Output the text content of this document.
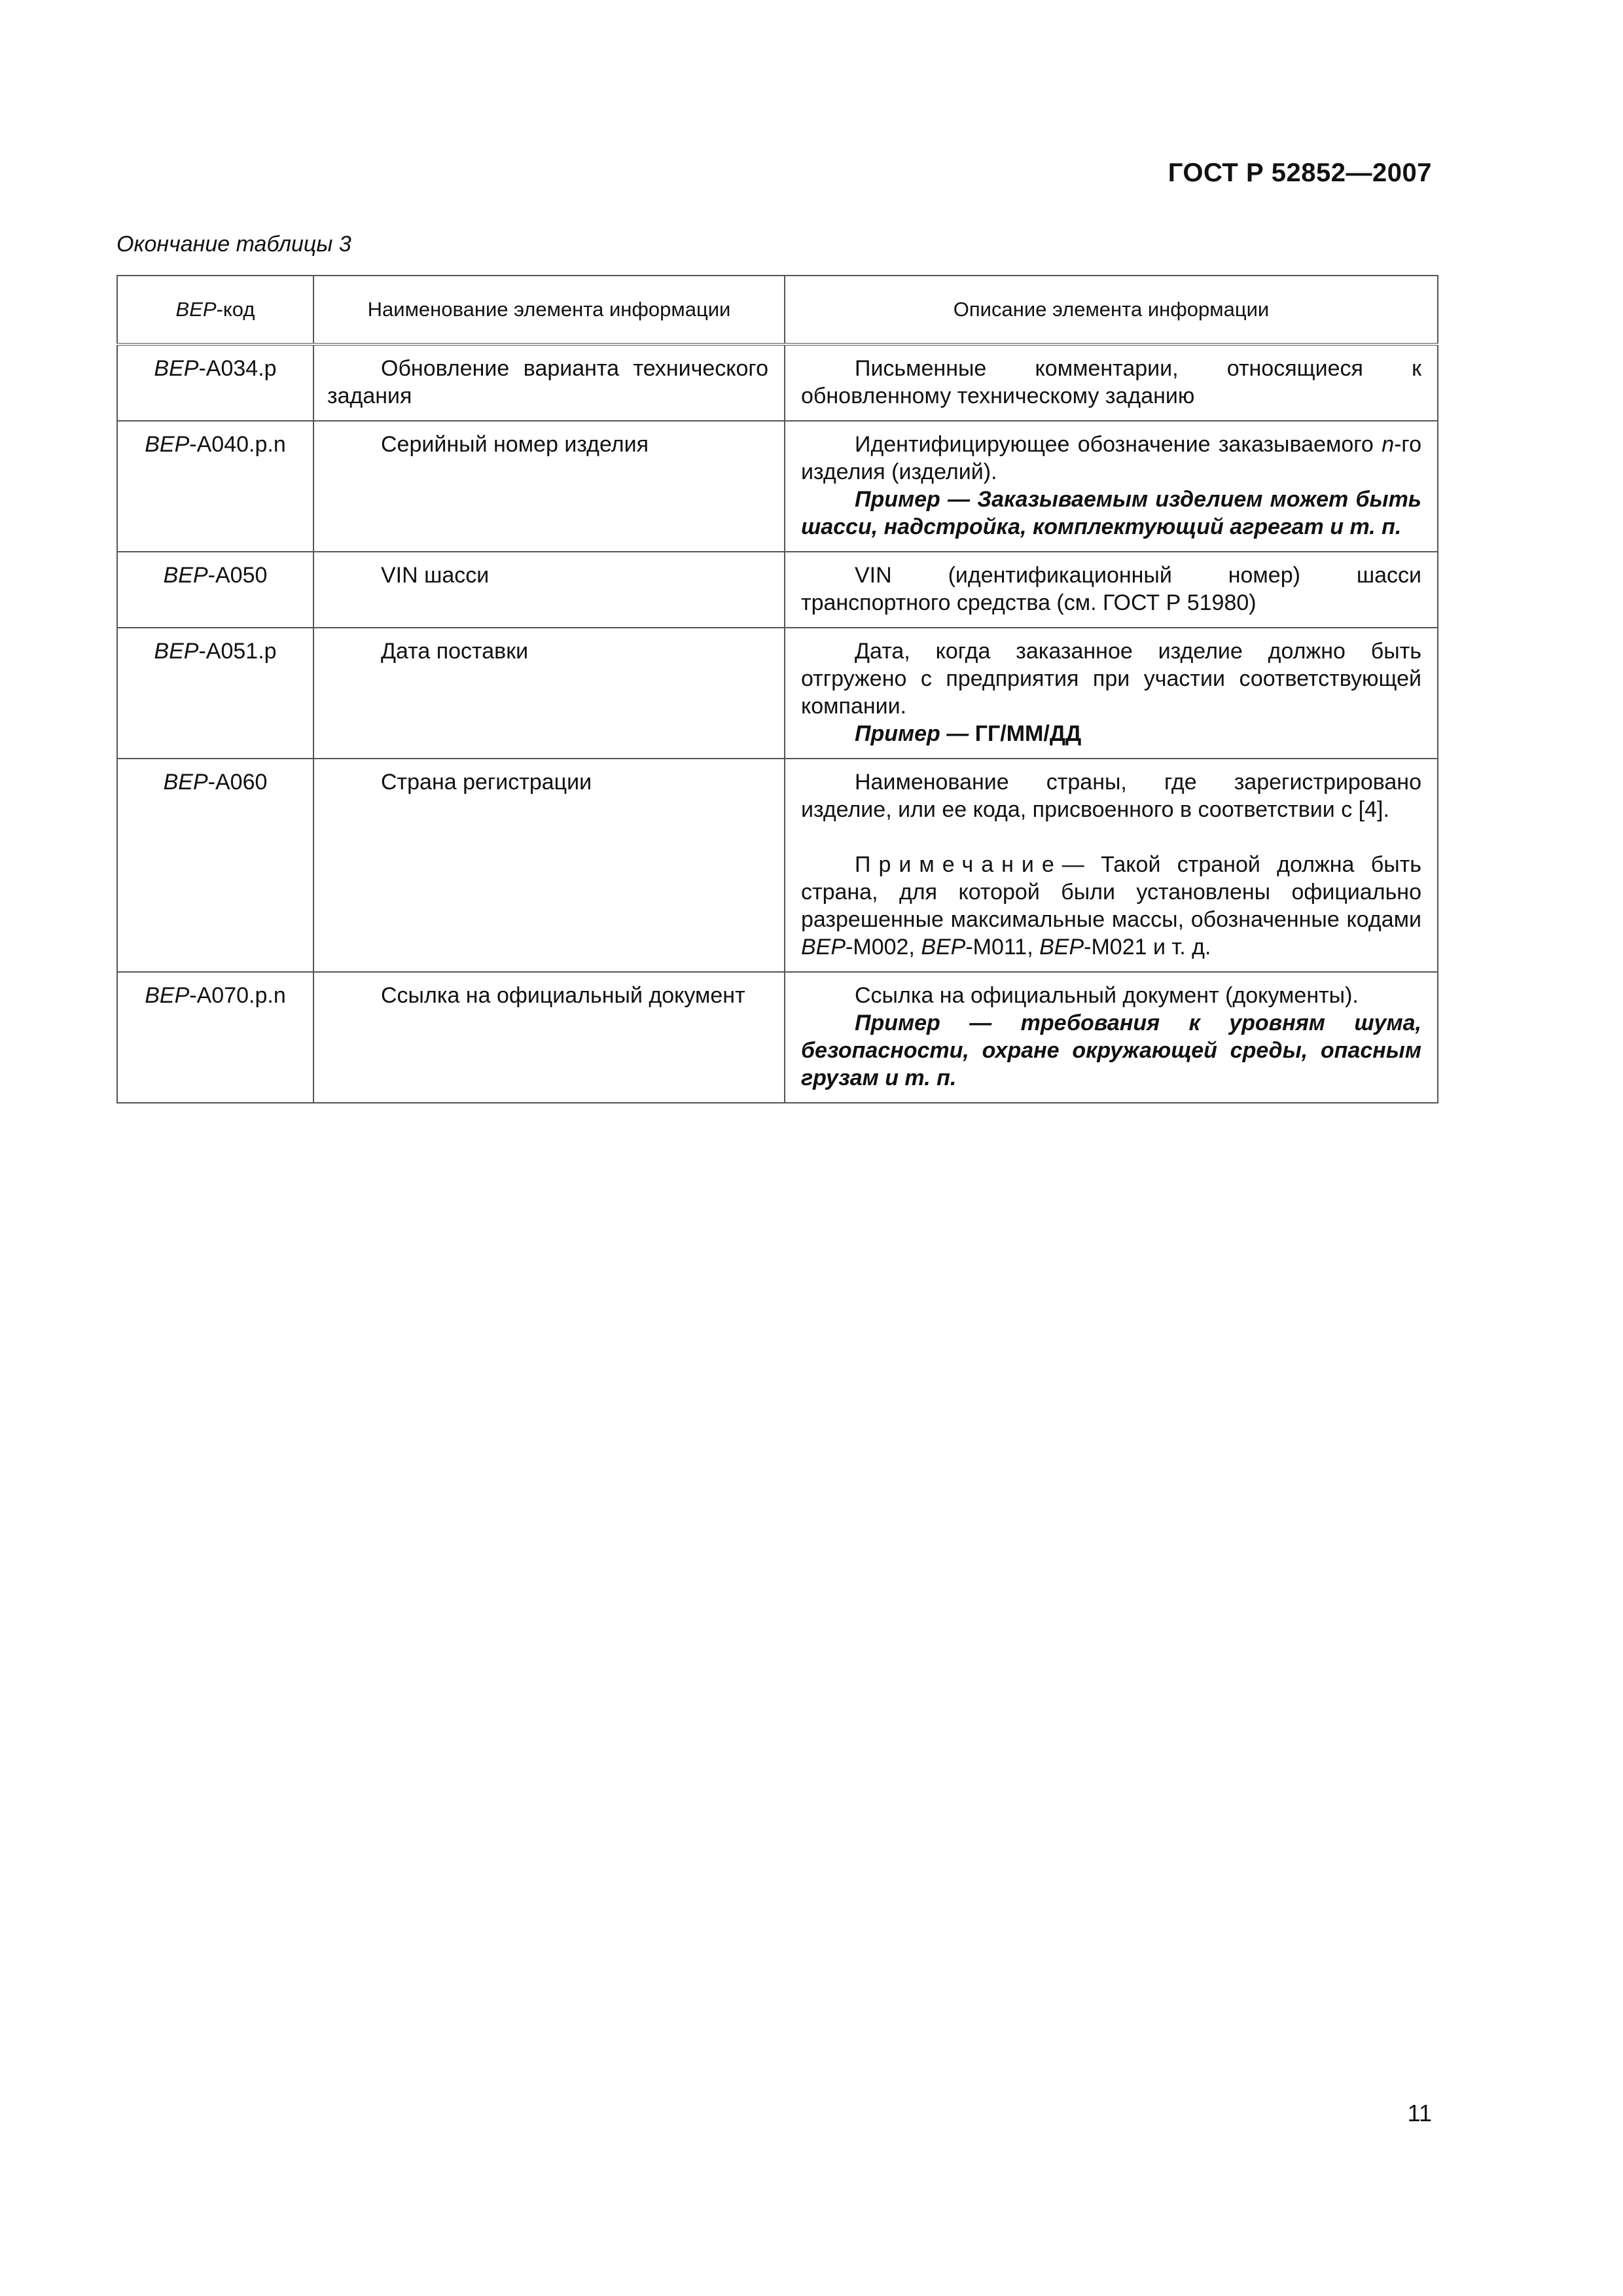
ГОСТ Р 52852—2007
Окончание таблицы 3
ВЕР-код	Наименование элемента информации	Описание элемента информации
ВЕР-А034.р	Обновление варианта технического задания	Письменные комментарии, относящиеся к обновленному техническому заданию

ВЕР-А040.р.n	Серийный номер изделия	Идентифицирующее обозначение заказываемого n-го изделия (изделий).
Пример — Заказываемым изделием может быть шасси, надстройка, комплектующий агрегат и т. п.

ВЕР-А050	VIN шасси	VIN (идентификационный номер) шасси транспортного средства (см. ГОСТ Р 51980)

ВЕР-А051.р	Дата поставки	Дата, когда заказанное изделие должно быть отгружено с предприятия при участии соответствующей компании.
Пример — ГГ/ММ/ДД

ВЕР-А060	Страна регистрации	Наименование страны, где зарегистрировано изделие, или ее кода, присвоенного в соответствии с [4].
Примечание— Такой страной должна быть страна, для которой были установлены официально разрешенные максимальные массы, обозначенные кодами ВЕР-М002, ВЕР-М011, ВЕР-М021 и т. д.

ВЕР-А070.р.n	Ссылка на официальный документ	Ссылка на официальный документ (документы).
Пример — требования к уровням шума, безопасности, охране окружающей среды, опасным грузам и т. п.
11
